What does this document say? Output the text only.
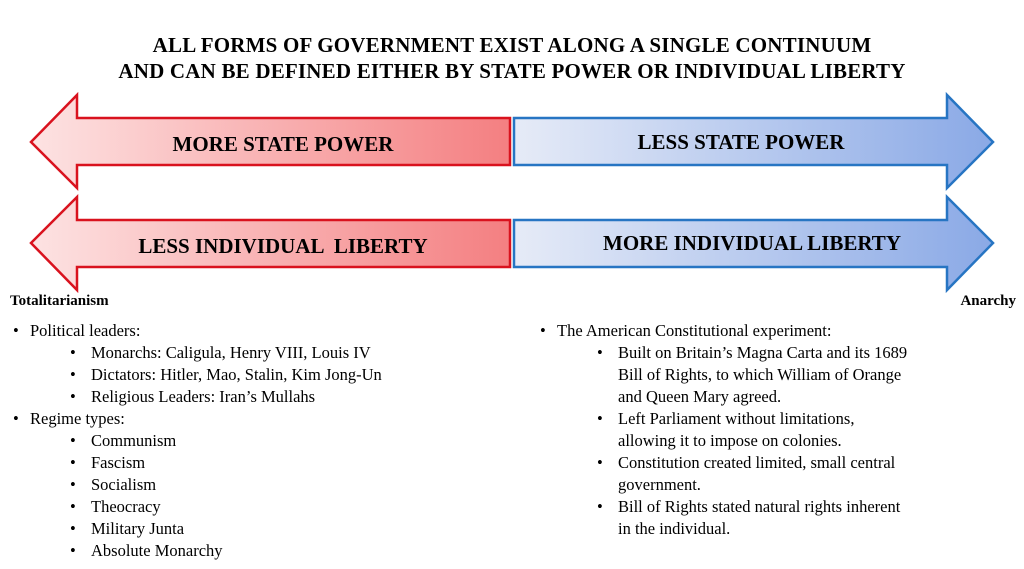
ALL FORMS OF GOVERNMENT EXIST ALONG A SINGLE CONTINUUM
AND CAN BE DEFINED EITHER BY STATE POWER OR INDIVIDUAL LIBERTY
MORE STATE POWER	LESS STATE POWER
LESS INDIVIDUAL  LIBERTY	MORE INDIVIDUAL LIBERTY
Totalitarianism	Anarchy
• Political leaders:
• Monarchs: Caligula, Henry VIII, Louis IV
• Dictators: Hitler, Mao, Stalin, Kim Jong-Un
• Religious Leaders: Iran’s Mullahs
• Regime types:
• Communism
• Fascism
• Socialism
• Theocracy
• Military Junta
• Absolute Monarchy
• The American Constitutional experiment:
• Built on Britain’s Magna Carta and its 1689 Bill of Rights, to which William of Orange and Queen Mary agreed.
• Left Parliament without limitations, allowing it to impose on colonies.
• Constitution created limited, small central government.
• Bill of Rights stated natural rights inherent in the individual.
